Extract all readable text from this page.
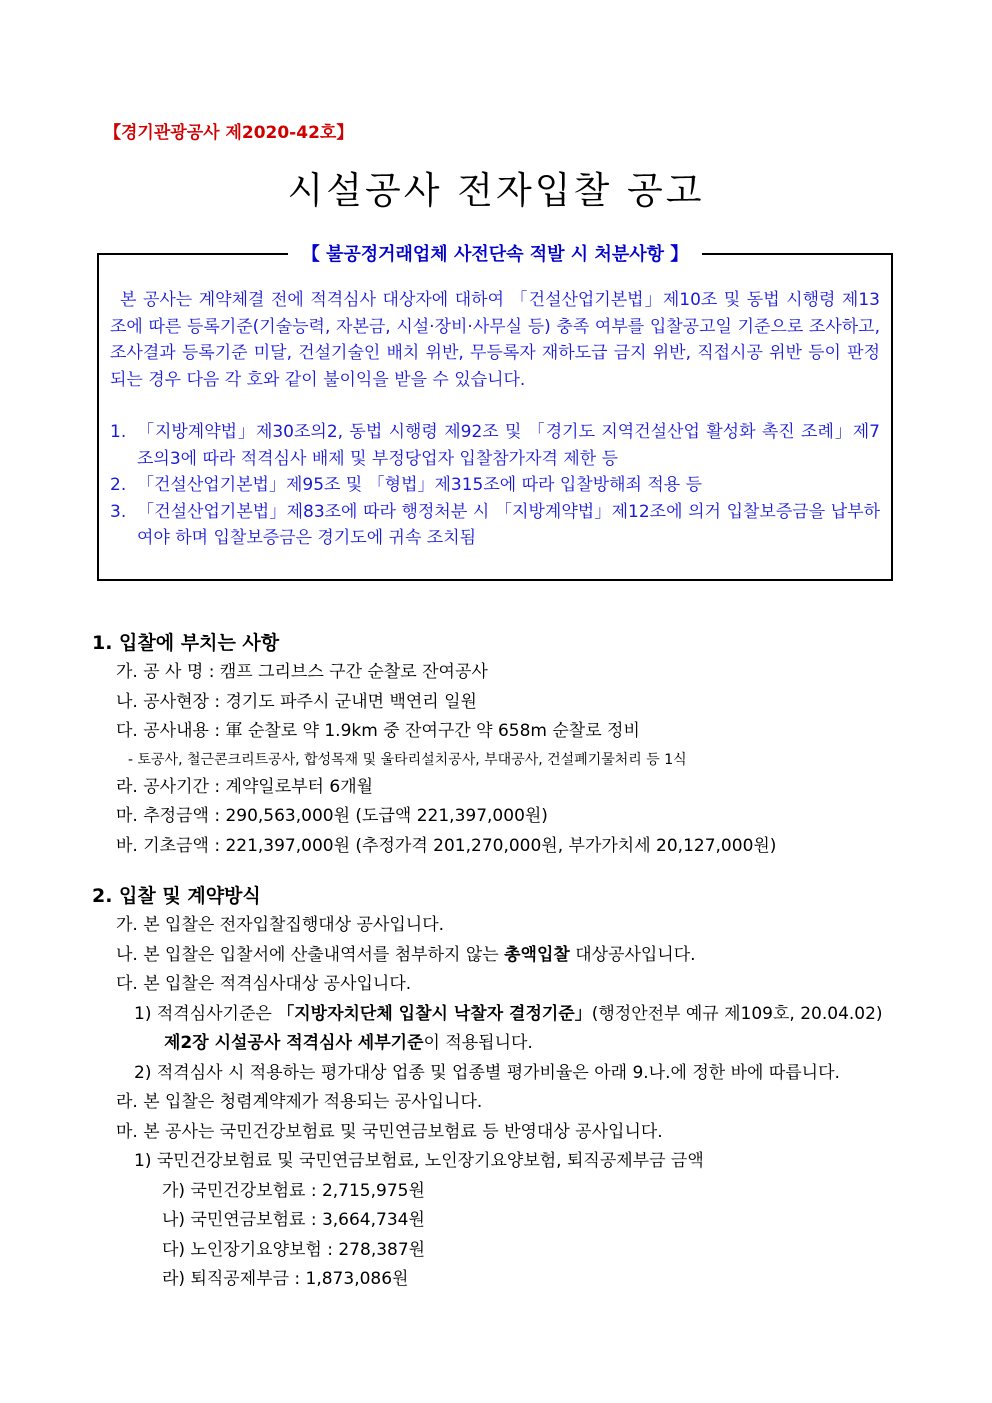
【경기관광공사 제2020-42호】
시설공사 전자입찰 공고
【 불공정거래업체 사전단속 적발 시 처분사항 】

본 공사는 계약체결 전에 적격심사 대상자에 대하여 「건설산업기본법」제10조 및 동법 시행령 제13조에 따른 등록기준(기술능력, 자본금, 시설·장비·사무실 등) 충족 여부를 입찰공고일 기준으로 조사하고, 조사결과 등록기준 미달, 건설기술인 배치 위반, 무등록자 재하도급 금지 위반, 직접시공 위반 등이 판정되는 경우 다음 각 호와 같이 불이익을 받을 수 있습니다.

1. 「지방계약법」제30조의2, 동법 시행령 제92조 및 「경기도 지역건설산업 활성화 촉진 조례」제7조의3에 따라 적격심사 배제 및 부정당업자 입찰참가자격 제한 등
2. 「건설산업기본법」제95조 및 「형법」제315조에 따라 입찰방해죄 적용 등
3. 「건설산업기본법」제83조에 따라 행정처분 시 「지방계약법」제12조에 의거 입찰보증금을 납부하여야 하며 입찰보증금은 경기도에 귀속 조치됨
1. 입찰에 부치는 사항
가. 공 사 명 : 캠프 그리브스 구간 순찰로 잔여공사
나. 공사현장 : 경기도 파주시 군내면 백연리 일원
다. 공사내용 : 軍 순찰로 약 1.9km 중 잔여구간 약 658m 순찰로 정비
- 토공사, 철근콘크리트공사, 합성목재 및 울타리설치공사, 부대공사, 건설폐기물처리 등 1식
라. 공사기간 : 계약일로부터 6개월
마. 추정금액 : 290,563,000원 (도급액 221,397,000원)
바. 기초금액 : 221,397,000원 (추정가격 201,270,000원, 부가가치세 20,127,000원)
2. 입찰 및 계약방식
가. 본 입찰은 전자입찰집행대상 공사입니다.
나. 본 입찰은 입찰서에 산출내역서를 첨부하지 않는 총액입찰 대상공사입니다.
다. 본 입찰은 적격심사대상 공사입니다.
1) 적격심사기준은 「지방자치단체 입찰시 낙찰자 결정기준」(행정안전부 예규 제109호, 20.04.02) 제2장 시설공사 적격심사 세부기준이 적용됩니다.
2) 적격심사 시 적용하는 평가대상 업종 및 업종별 평가비율은 아래 9.나.에 정한 바에 따릅니다.
라. 본 입찰은 청렴계약제가 적용되는 공사입니다.
마. 본 공사는 국민건강보험료 및 국민연금보험료 등 반영대상 공사입니다.
1) 국민건강보험료 및 국민연금보험료, 노인장기요양보험, 퇴직공제부금 금액
가) 국민건강보험료 : 2,715,975원
나) 국민연금보험료 : 3,664,734원
다) 노인장기요양보험 : 278,387원
라) 퇴직공제부금 : 1,873,086원
